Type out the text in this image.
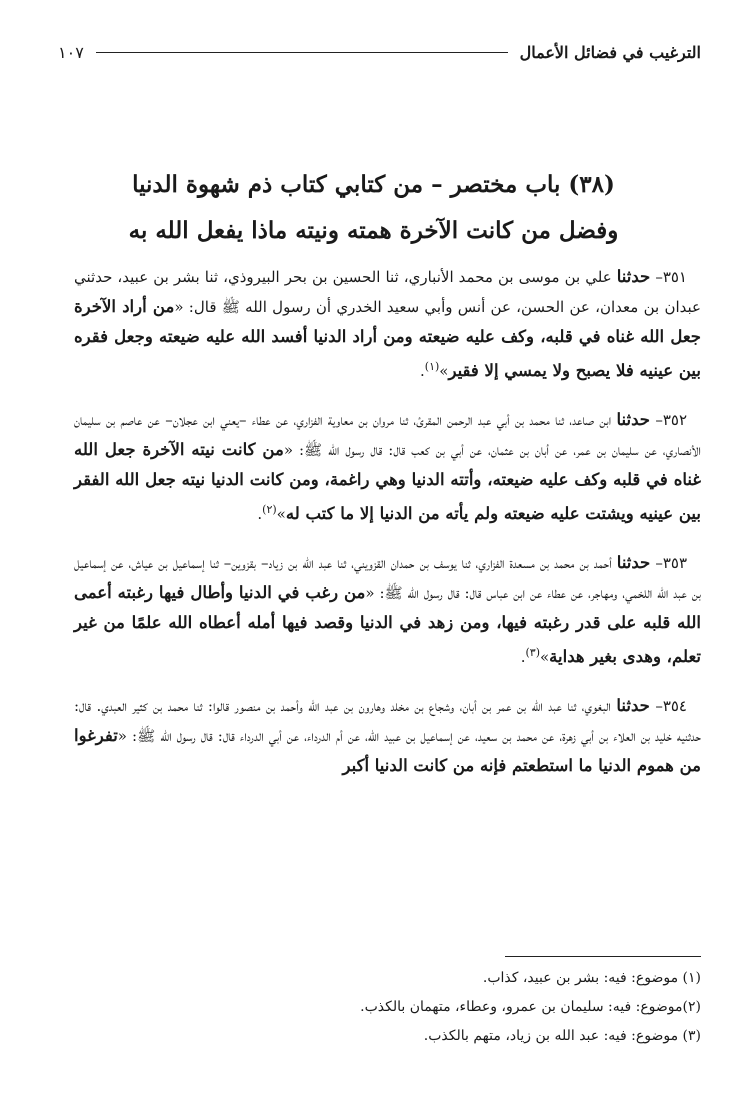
الترغيب في فضائل الأعمال
١٠٧
(٣٨) باب مختصر – من كتابي كتاب ذم شهوة الدنيا
وفضل من كانت الآخرة همته ونيته ماذا يفعل الله به

٣٥١– حدثنا علي بن موسى بن محمد الأنباري، ثنا الحسين بن بحر البيروذي، ثنا بشر بن عبيد، حدثني عبدان بن معدان، عن الحسن، عن أنس وأبي سعيد الخدري أن رسول الله ﷺ قال: «من أراد الآخرة جعل الله غناه في قلبه، وكف عليه ضيعته ومن أراد الدنيا أفسد الله عليه ضيعته وجعل فقره بين عينيه فلا يصبح ولا يمسي إلا فقير»$^{(١)}$.

٣٥٢– حدثنا ابن صاعد، ثنا محمد بن أبي عبد الرحمن المقرئ، ثنا مروان بن معاوية الفزاري، عن عطاء –يعني ابن عجلان– عن عاصم بن سليمان الأنصاري، عن سليمان بن عمر، عن أبان بن عثمان، عن أبي بن كعب قال: قال رسول الله ﷺ: «من كانت نيته الآخرة جعل الله غناه في قلبه وكف عليه ضيعته، وأتته الدنيا وهي راغمة، ومن كانت الدنيا نيته جعل الله الفقر بين عينيه ويشتت عليه ضيعته ولم يأته من الدنيا إلا ما كتب له»$^{(٢)}$.

٣٥٣– حدثنا أحمد بن محمد بن مسعدة الفزاري، ثنا يوسف بن حمدان القزويني، ثنا عبد الله بن زياد– بقزوين– ثنا إسماعيل بن عياش، عن إسماعيل بن عبد الله اللخمي، ومهاجر، عن عطاء عن ابن عباس قال: قال رسول الله ﷺ: «من رغب في الدنيا وأطال فيها رغبته أعمى الله قلبه على قدر رغبته فيها، ومن زهد في الدنيا وقصد فيها أمله أعطاه الله علمًا من غير تعلم، وهدى بغير هداية»$^{(٣)}$.

٣٥٤– حدثنا البغوي، ثنا عبد الله بن عمر بن أبان، وشجاع بن مخلد وهارون بن عبد الله وأحمد بن منصور قالوا: ثنا محمد بن كثير العبدي. قال: حدثنيه خليد بن العلاء بن أبي زهرة، عن محمد بن سعيد، عن إسماعيل بن عبيد الله، عن أم الدرداء، عن أبي الدرداء قال: قال رسول الله ﷺ: «تفرغوا من هموم الدنيا ما استطعتم فإنه من كانت الدنيا أكبر

(١) موضوع: فيه: بشر بن عبيد، كذاب.
(٢)موضوع: فيه: سليمان بن عمرو، وعطاء، متهمان بالكذب.
(٣) موضوع: فيه: عبد الله بن زياد، متهم بالكذب.
